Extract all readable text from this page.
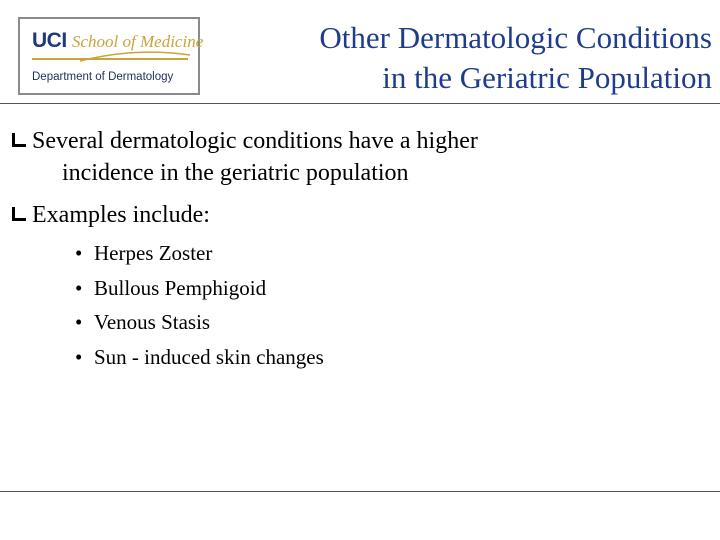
UCI School of Medicine
Department of Dermatology
Other Dermatologic Conditions
in the Geriatric Population
Several dermatologic conditions have a higher
incidence in the geriatric population
Examples include:
• Herpes Zoster
• Bullous Pemphigoid
• Venous Stasis
• Sun - induced skin changes
